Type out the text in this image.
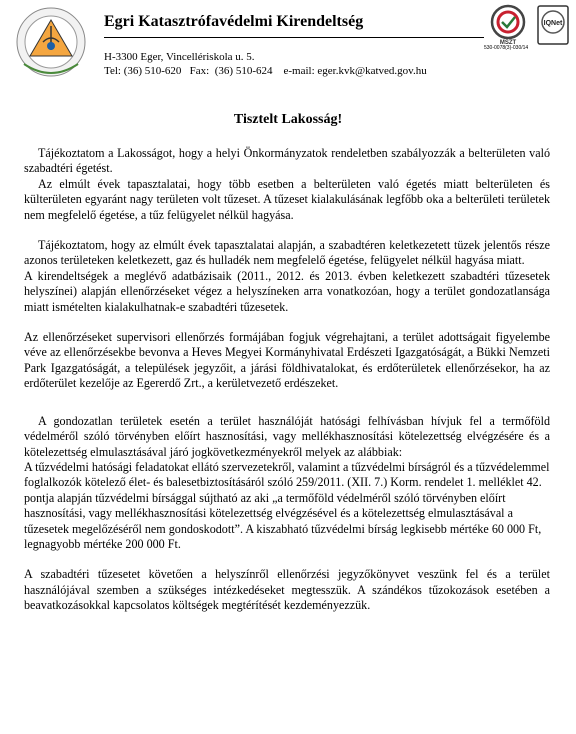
Egri Katasztrófavédelmi Kirendeltség
H-3300 Eger, Vincellériskola u. 5.
Tel: (36) 510-620   Fax:  (36) 510-624    e-mail: eger.kvk@katved.gov.hu
MSZT
IQNet
530-0078(3)-030/14
Tisztelt Lakosság!

Tájékoztatom a Lakosságot, hogy a helyi Önkormányzatok rendeletben szabályozzák a belterületen való szabadtéri égetést.

Az elmúlt évek tapasztalatai, hogy több esetben a belterületen való égetés miatt belterületen és külterületen egyaránt nagy területen volt tűzeset. A tűzeset kialakulásának legfőbb oka a belterületi területek nem megfelelő égetése, a tűz felügyelet nélkül hagyása.

Tájékoztatom, hogy az elmúlt évek tapasztalatai alapján, a szabadtéren keletkezetett tüzek jelentős része azonos területeken keletkezett, gaz és hulladék nem megfelelő égetése, felügyelet nélkül hagyása miatt.

A kirendeltségek a meglévő adatbázisaik (2011., 2012. és 2013. évben keletkezett szabadtéri tűzesetek helyszínei) alapján ellenőrzéseket végez a helyszíneken arra vonatkozóan, hogy a terület gondozatlansága miatt ismételten kialakulhatnak-e szabadtéri tűzesetek.

Az ellenőrzéseket supervisori ellenőrzés formájában fogjuk végrehajtani, a terület adottságait figyelembe véve az ellenőrzésekbe bevonva a Heves Megyei Kormányhivatal Erdészeti Igazgatóságát, a Bükki Nemzeti Park Igazgatóságát, a települések jegyzőit, a járási földhivatalokat, és erdőterületek ellenőrzésekor, ha az erdőterület kezelője az Egererdő Zrt., a kerületvezető erdészeket.

A gondozatlan területek esetén a terület használóját hatósági felhívásban hívjuk fel a termőföld védelméről szóló törvényben előírt hasznosítási, vagy mellékhasznosítási kötelezettség elvégzésére és a kötelezettség elmulasztásával járó jogkövetkezményekről melyek az alábbiak:

A tűzvédelmi hatósági feladatokat ellátó szervezetekről, valamint a tűzvédelmi bírságról és a tűzvédelemmel foglalkozók kötelező élet- és balesetbiztosításáról szóló 259/2011. (XII. 7.) Korm. rendelet 1. melléklet 42. pontja alapján tűzvédelmi bírsággal sújtható az aki „a termőföld védelméről szóló törvényben előírt hasznosítási, vagy mellékhasznosítási kötelezettség elvégzésével és a kötelezettség elmulasztásával a tűzesetek megelőzéséről nem gondoskodott”. A kiszabható tűzvédelmi bírság legkisebb mértéke 60 000 Ft, legnagyobb mértéke 200 000 Ft.

A szabadtéri tűzesetet követően a helyszínről ellenőrzési jegyzőkönyvet veszünk fel és a terület használójával szemben a szükséges intézkedéseket megtesszük. A szándékos tűzokozások esetében a beavatkozásokkal kapcsolatos költségek megtérítését kezdeményezzük.
